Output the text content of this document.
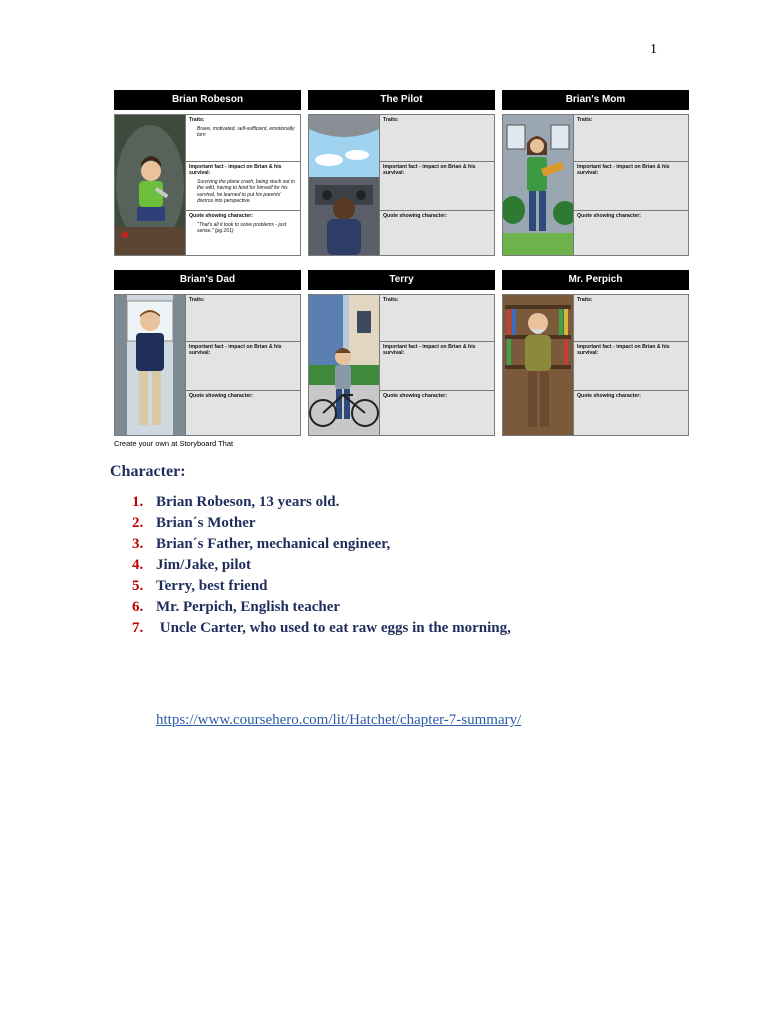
1
Brian Robeson
Traits:
Brave, motivated, self-sufficient, emotionally torn
Important fact - impact on Brian & his survival:
Surviving the plane crash, being stuck out in the wild, having to fend for himself for his survival, he learned to put his parents' divorce into perspective.
Quote showing character:
"That's all it took to solve problems - just sense." (pg.161)
The Pilot
Traits:
Important fact - impact on Brian & his survival:
Quote showing character:
Brian's Mom
Traits:
Important fact - impact on Brian & his survival:
Quote showing character:
Brian's Dad
Traits:
Important fact - impact on Brian & his survival:
Quote showing character:
Terry
Traits:
Important fact - impact on Brian & his survival:
Quote showing character:
Mr. Perpich
Traits:
Important fact - impact on Brian & his survival:
Quote showing character:
Create your own at Storyboard That
Character:
1. Brian Robeson, 13 years old.
2. Brian´s Mother
3. Brian´s Father, mechanical engineer,
4. Jim/Jake, pilot
5. Terry, best friend
6. Mr. Perpich, English teacher
7. Uncle Carter, who used to eat raw eggs in the morning,
https://www.coursehero.com/lit/Hatchet/chapter-7-summary/
